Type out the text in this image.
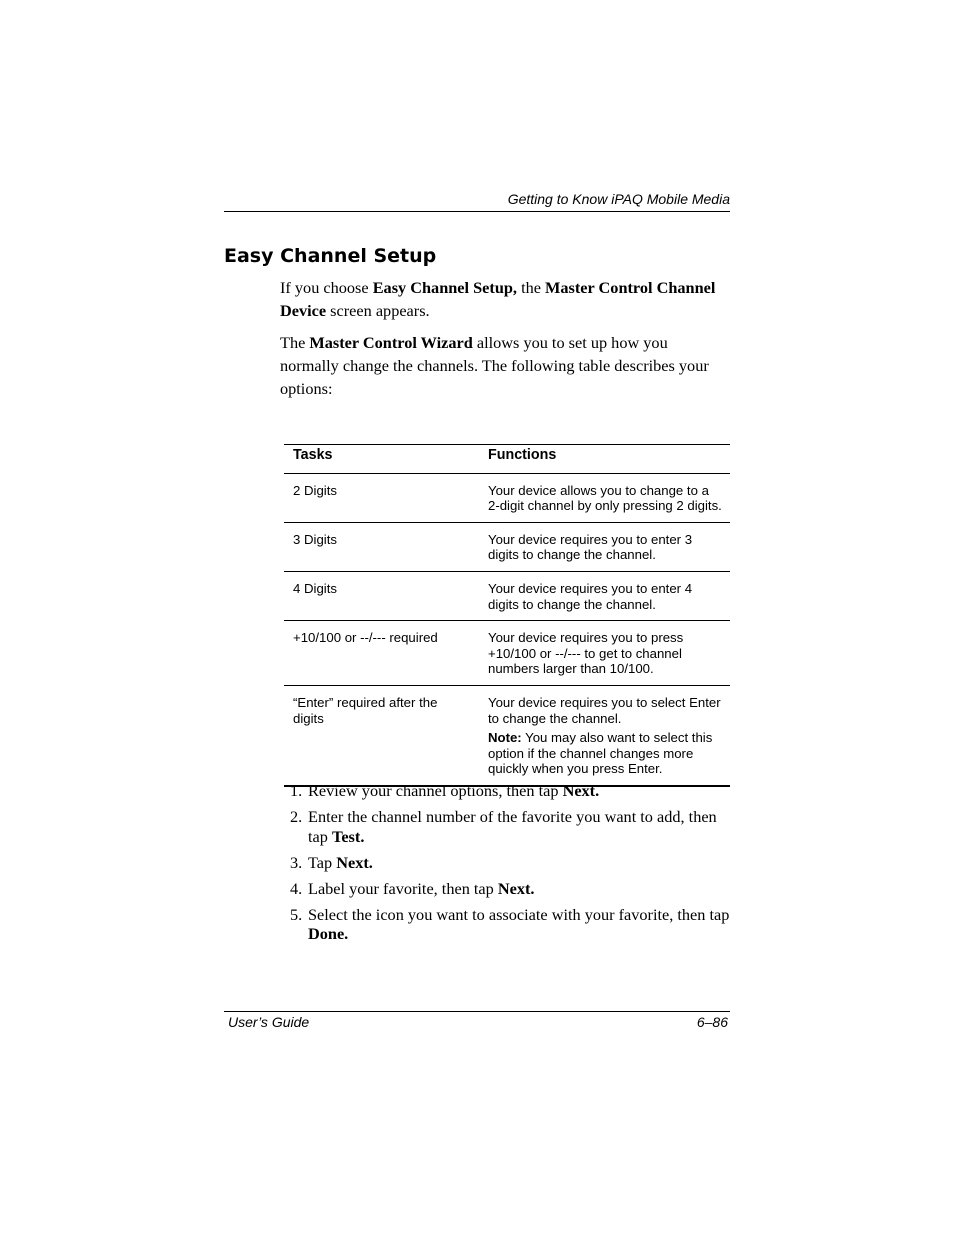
Getting to Know iPAQ Mobile Media
Easy Channel Setup

If you choose Easy Channel Setup, the Master Control Channel Device screen appears.

The Master Control Wizard allows you to set up how you normally change the channels. The following table describes your options:

Tasks	Functions
2 Digits	Your device allows you to change to a 2-digit channel by only pressing 2 digits.
3 Digits	Your device requires you to enter 3 digits to change the channel.
4 Digits	Your device requires you to enter 4 digits to change the channel.
+10/100 or --/--- required	Your device requires you to press +10/100 or --/--- to get to channel numbers larger than 10/100.
“Enter” required after the digits	Your device requires you to select Enter to change the channel.
Note: You may also want to select this option if the channel changes more quickly when you press Enter.
1. Review your channel options, then tap Next.
2. Enter the channel number of the favorite you want to add, then tap Test.
3. Tap Next.
4. Label your favorite, then tap Next.
5. Select the icon you want to associate with your favorite, then tap Done.
User’s Guide	6–86
